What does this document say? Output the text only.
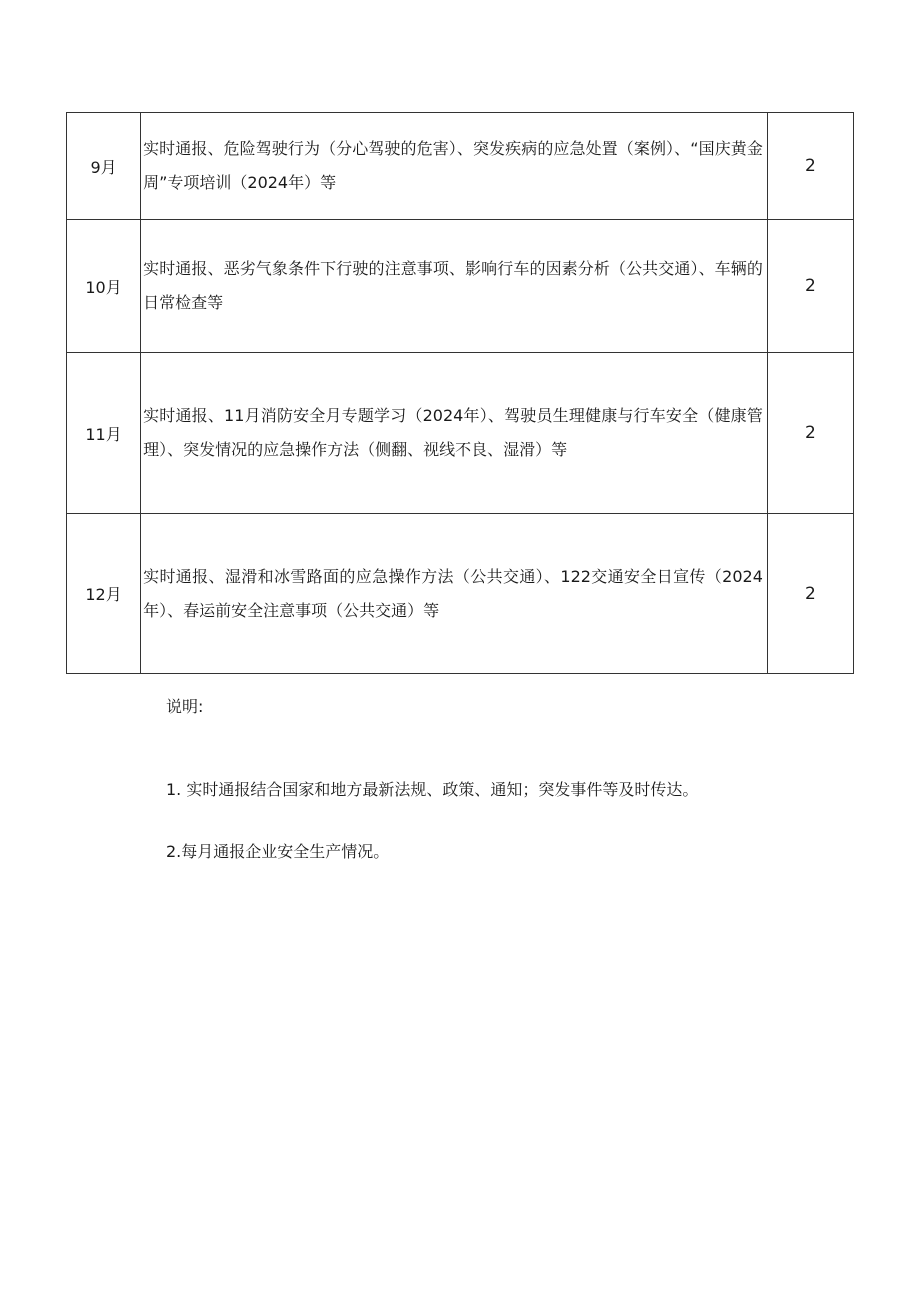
9月	实时通报、危险驾驶行为（分心驾驶的危害）、突发疾病的应急处置（案例）、“国庆黄金周”专项培训（2024年）等	2
10月	实时通报、恶劣气象条件下行驶的注意事项、影响行车的因素分析（公共交通）、车辆的日常检查等	2
11月	实时通报、11月消防安全月专题学习（2024年）、驾驶员生理健康与行车安全（健康管理）、突发情况的应急操作方法（侧翻、视线不良、湿滑）等	2
12月	实时通报、湿滑和冰雪路面的应急操作方法（公共交通）、122交通安全日宣传（2024年）、春运前安全注意事项（公共交通）等	2

说明:

1. 实时通报结合国家和地方最新法规、政策、通知；突发事件等及时传达。

2.每月通报企业安全生产情况。
